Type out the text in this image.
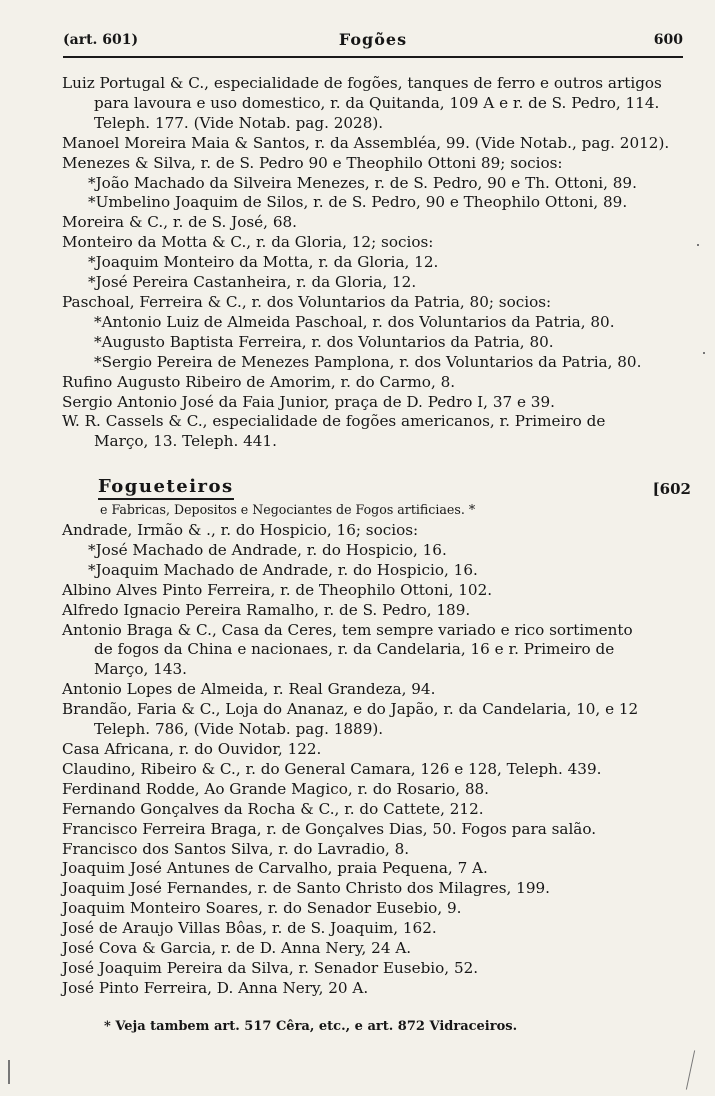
(art. 601)	Fogões	600

Luiz Portugal & C., especialidade de fogões, tanques de ferro e outros artigos
para lavoura e uso domestico, r. da Quitanda, 109 A e r. de S. Pedro, 114.
Teleph. 177. (Vide Notab. pag. 2028).

Manoel Moreira Maia & Santos, r. da Assembléa, 99. (Vide Notab., pag. 2012).

Menezes & Silva, r. de S. Pedro 90 e Theophilo Ottoni 89; socios:

*João Machado da Silveira Menezes, r. de S. Pedro, 90 e Th. Ottoni, 89.

*Umbelino Joaquim de Silos, r. de S. Pedro, 90 e Theophilo Ottoni, 89.

Moreira & C., r. de S. José, 68.

Monteiro da Motta & C., r. da Gloria, 12; socios:

*Joaquim Monteiro da Motta, r. da Gloria, 12.

*José Pereira Castanheira, r. da Gloria, 12.

Paschoal, Ferreira & C., r. dos Voluntarios da Patria, 80; socios:

*Antonio Luiz de Almeida Paschoal, r. dos Voluntarios da Patria, 80.

*Augusto Baptista Ferreira, r. dos Voluntarios da Patria, 80.

*Sergio Pereira de Menezes Pamplona, r. dos Voluntarios da Patria, 80.

Rufino Augusto Ribeiro de Amorim, r. do Carmo, 8.

Sergio Antonio José da Faia Junior, praça de D. Pedro I, 37 e 39.

W. R. Cassels & C., especialidade de fogões americanos, r. Primeiro de
Março, 13. Teleph. 441.

Fogueteiros	[602
e Fabricas, Depositos e Negociantes de Fogos artificiaes. *

Andrade, Irmão & ., r. do Hospicio, 16; socios:

*José Machado de Andrade, r. do Hospicio, 16.

*Joaquim Machado de Andrade, r. do Hospicio, 16.

Albino Alves Pinto Ferreira, r. de Theophilo Ottoni, 102.

Alfredo Ignacio Pereira Ramalho, r. de S. Pedro, 189.

Antonio Braga & C., Casa da Ceres, tem sempre variado e rico sortimento
de fogos da China e nacionaes, r. da Candelaria, 16 e r. Primeiro de
Março, 143.

Antonio Lopes de Almeida, r. Real Grandeza, 94.

Brandão, Faria & C., Loja do Ananaz, e do Japão, r. da Candelaria, 10, e 12
Teleph. 786, (Vide Notab. pag. 1889).

Casa Africana, r. do Ouvidor, 122.

Claudino, Ribeiro & C., r. do General Camara, 126 e 128, Teleph. 439.

Ferdinand Rodde, Ao Grande Magico, r. do Rosario, 88.

Fernando Gonçalves da Rocha & C., r. do Cattete, 212.

Francisco Ferreira Braga, r. de Gonçalves Dias, 50. Fogos para salão.

Francisco dos Santos Silva, r. do Lavradio, 8.

Joaquim José Antunes de Carvalho, praia Pequena, 7 A.

Joaquim José Fernandes, r. de Santo Christo dos Milagres, 199.

Joaquim Monteiro Soares, r. do Senador Eusebio, 9.

José de Araujo Villas Bôas, r. de S. Joaquim, 162.

José Cova & Garcia, r. de D. Anna Nery, 24 A.

José Joaquim Pereira da Silva, r. Senador Eusebio, 52.

José Pinto Ferreira, D. Anna Nery, 20 A.

* Veja tambem art. 517 Cêra, etc., e art. 872 Vidraceiros.
